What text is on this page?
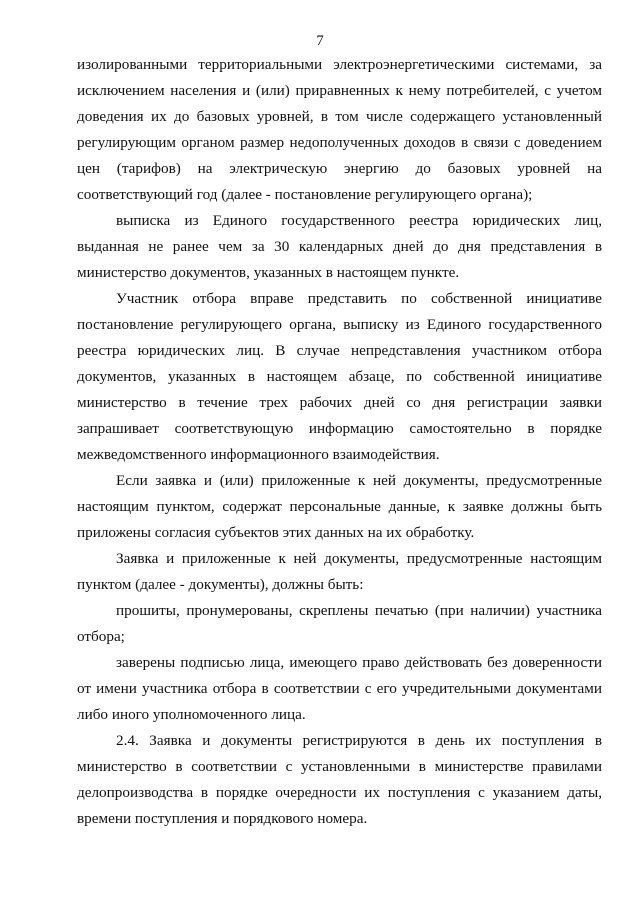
7

изолированными территориальными электроэнергетическими системами, за исключением населения и (или) приравненных к нему потребителей, с учетом доведения их до базовых уровней, в том числе содержащего установленный регулирующим органом размер недополученных доходов в связи с доведением цен (тарифов) на электрическую энергию до базовых уровней на соответствующий год (далее - постановление регулирующего органа);

выписка из Единого государственного реестра юридических лиц, выданная не ранее чем за 30 календарных дней до дня представления в министерство документов, указанных в настоящем пункте.

Участник отбора вправе представить по собственной инициативе постановление регулирующего органа, выписку из Единого государственного реестра юридических лиц. В случае непредставления участником отбора документов, указанных в настоящем абзаце, по собственной инициативе министерство в течение трех рабочих дней со дня регистрации заявки запрашивает соответствующую информацию самостоятельно в порядке межведомственного информационного взаимодействия.

Если заявка и (или) приложенные к ней документы, предусмотренные настоящим пунктом, содержат персональные данные, к заявке должны быть приложены согласия субъектов этих данных на их обработку.

Заявка и приложенные к ней документы, предусмотренные настоящим пунктом (далее - документы), должны быть:

прошиты, пронумерованы, скреплены печатью (при наличии) участника отбора;

заверены подписью лица, имеющего право действовать без доверенности от имени участника отбора в соответствии с его учредительными документами либо иного уполномоченного лица.

2.4. Заявка и документы регистрируются в день их поступления в министерство в соответствии с установленными в министерстве правилами делопроизводства в порядке очередности их поступления с указанием даты, времени поступления и порядкового номера.
